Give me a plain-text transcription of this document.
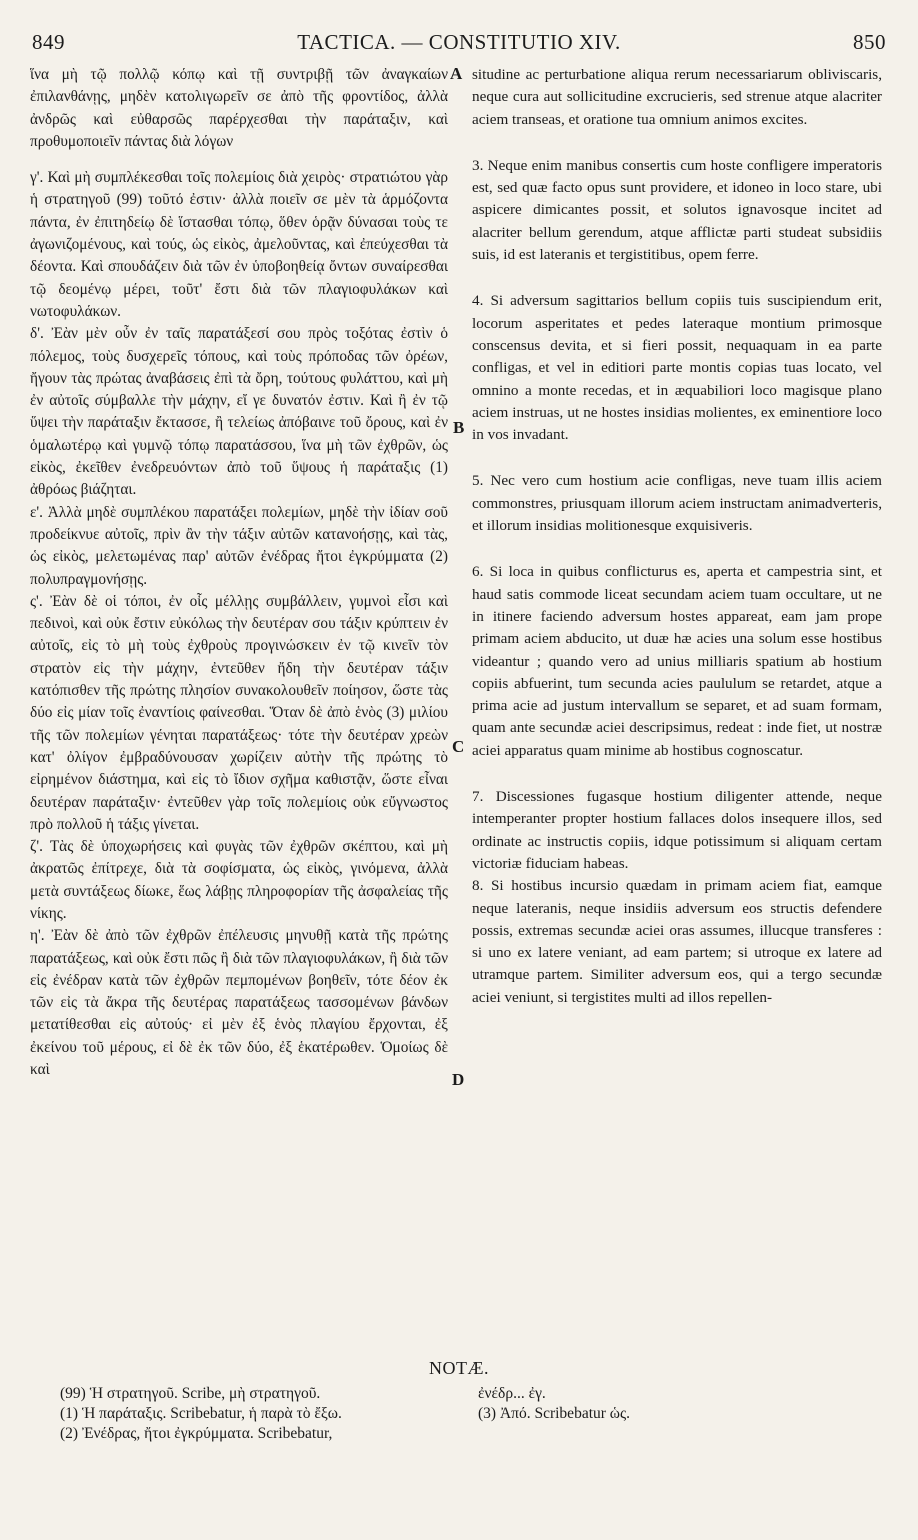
849	TACTICA. — CONSTITUTIO XIV.	850

ἵνα μὴ τῷ πολλῷ κόπῳ καὶ τῇ συντριβῇ τῶν ἀναγκαίων ἐπιλανθάνῃς, μηδὲν κατολιγωρεῖν σε ἀπὸ τῆς φροντίδος, ἀλλὰ ἀνδρῶς καὶ εὐθαρσῶς παρέρχεσθαι τὴν παράταξιν, καὶ προθυμοποιεῖν πάντας διὰ λόγων

γ'. Καὶ μὴ συμπλέκεσθαι τοῖς πολεμίοις διὰ χειρὸς· στρατιώτου γὰρ ἡ στρατηγοῦ (99) τοῦτό ἐστιν· ἀλλὰ ποιεῖν σε μὲν τὰ ἁρμόζοντα πάντα, ἐν ἐπιτηδείῳ δὲ ἵστασθαι τόπῳ, ὅθεν ὁρᾷν δύνασαι τοὺς τε ἀγωνιζομένους, καὶ τούς, ὡς εἰκὸς, ἀμελοῦντας, καὶ ἐπεύχεσθαι τὰ δέοντα. Καὶ σπουδάζειν διὰ τῶν ἐν ὑποβοηθείᾳ ὄντων συναίρεσθαι τῷ δεομένῳ μέρει, τοῦτ' ἔστι διὰ τῶν πλαγιοφυλάκων καὶ νωτοφυλάκων.

δ'. Ἐὰν μὲν οὖν ἐν ταῖς παρατάξεσί σου πρὸς τοξότας ἐστὶν ὁ πόλεμος, τοὺς δυσχερεῖς τόπους, καὶ τοὺς πρόποδας τῶν ὀρέων, ἤγουν τὰς πρώτας ἀναβάσεις ἐπὶ τὰ ὄρη, τούτους φυλάττου, καὶ μὴ ἐν αὐτοῖς σύμβαλλε τὴν μάχην, εἴ γε δυνατόν ἐστιν. Καὶ ἢ ἐν τῷ ὕψει τὴν παράταξιν ἔκτασσε, ἢ τελείως ἀπόβαινε τοῦ ὄρους, καὶ ἐν ὁμαλωτέρῳ καὶ γυμνῷ τόπῳ παρατάσσου, ἵνα μὴ τῶν ἐχθρῶν, ὡς εἰκὸς, ἐκεῖθεν ἐνεδρευόντων ἀπὸ τοῦ ὕψους ἡ παράταξις (1) ἀθρόως βιάζηται.

ε'. Ἀλλὰ μηδὲ συμπλέκου παρατάξει πολεμίων, μηδὲ τὴν ἰδίαν σοῦ προδείκνυε αὐτοῖς, πρὶν ἂν τὴν τάξιν αὐτῶν κατανοήσῃς, καὶ τὰς, ὡς εἰκὸς, μελετωμένας παρ' αὐτῶν ἐνέδρας ἤτοι ἐγκρύμματα (2) πολυπραγμονήσῃς.

ς'. Ἐὰν δὲ οἱ τόποι, ἐν οἷς μέλλῃς συμβάλλειν, γυμνοὶ εἶσι καὶ πεδινοὶ, καὶ οὐκ ἔστιν εὐκόλως τὴν δευτέραν σου τάξιν κρύπτειν ἐν αὐτοῖς, εἰς τὸ μὴ τοὺς ἐχθροὺς προγινώσκειν ἐν τῷ κινεῖν τὸν στρατὸν εἰς τὴν μάχην, ἐντεῦθεν ἤδη τὴν δευτέραν τάξιν κατόπισθεν τῆς πρώτης πλησίον συνακολουθεῖν ποίησον, ὥστε τὰς δύο εἰς μίαν τοῖς ἐναντίοις φαίνεσθαι. Ὅταν δὲ ἀπὸ ἑνὸς (3) μιλίου τῆς τῶν πολεμίων γένηται παρατάξεως· τότε τὴν δευτέραν χρεὼν κατ' ὀλίγον ἐμβραδύνουσαν χωρίζειν αὐτὴν τῆς πρώτης τὸ εἰρημένον διάστημα, καὶ εἰς τὸ ἴδιον σχῆμα καθιστᾷν, ὥστε εἶναι δευτέραν παράταξιν· ἐντεῦθεν γὰρ τοῖς πολεμίοις οὐκ εὔγνωστος πρὸ πολλοῦ ἡ τάξις γίνεται.

ζ'. Τὰς δὲ ὑποχωρήσεις καὶ φυγὰς τῶν ἐχθρῶν σκέπτου, καὶ μὴ ἀκρατῶς ἐπίτρεχε, διὰ τὰ σοφίσματα, ὡς εἰκὸς, γινόμενα, ἀλλὰ μετὰ συντάξεως δίωκε, ἕως λάβῃς πληροφορίαν τῆς ἀσφαλείας τῆς νίκης.

η'. Ἐὰν δὲ ἀπὸ τῶν ἐχθρῶν ἐπέλευσις μηνυθῇ κατὰ τῆς πρώτης παρατάξεως, καὶ οὐκ ἔστι πῶς ἢ διὰ τῶν πλαγιοφυλάκων, ἢ διὰ τῶν εἰς ἐνέδραν κατὰ τῶν ἐχθρῶν πεμπομένων βοηθεῖν, τότε δέον ἐκ τῶν εἰς τὰ ἄκρα τῆς δευτέρας παρατάξεως τασσομένων βάνδων μετατίθεσθαι εἰς αὐτούς· εἰ μὲν ἐξ ἑνὸς πλαγίου ἔρχονται, ἐξ ἐκείνου τοῦ μέρους, εἰ δὲ ἐκ τῶν δύο, ἐξ ἑκατέρωθεν. Ὁμοίως δὲ καὶ

A
B
C
D

situdine ac perturbatione aliqua rerum necessariarum obliviscaris, neque cura aut sollicitudine excrucieris, sed strenue atque alacriter aciem transeas, et oratione tua omnium animos excites.

3. Neque enim manibus consertis cum hoste confligere imperatoris est, sed quæ facto opus sunt providere, et idoneo in loco stare, ubi aspicere dimicantes possit, et solutos ignavosque incitet ad alacriter bellum gerendum, atque afflictæ parti studeat subsidiis suis, id est lateranis et tergistitibus, opem ferre.

4. Si adversum sagittarios bellum copiis tuis suscipiendum erit, locorum asperitates et pedes lateraque montium primosque conscensus devita, et si fieri possit, nequaquam in ea parte confligas, et vel in editiori parte montis copias tuas locato, vel omnino a monte recedas, et in æquabiliori loco magisque plano aciem instruas, ut ne hostes insidias molientes, ex eminentiore loco in vos invadant.

5. Nec vero cum hostium acie confligas, neve tuam illis aciem commonstres, priusquam illorum aciem instructam animadverteris, et illorum insidias molitionesque exquisiveris.

6. Si loca in quibus conflicturus es, aperta et campestria sint, et haud satis commode liceat secundam aciem tuam occultare, ut ne in itinere faciendo adversum hostes appareat, eam jam prope primam aciem abducito, ut duæ hæ acies una solum esse hostibus videantur ; quando vero ad unius milliaris spatium ab hostium copiis abfuerint, tum secunda acies paululum se retardet, atque a prima acie ad justum intervallum se separet, et ad suam formam, quam ante secundæ aciei descripsimus, redeat : inde fiet, ut nostræ aciei apparatus quam minime ab hostibus cognoscatur.

7. Discessiones fugasque hostium diligenter attende, neque intemperanter propter hostium fallaces dolos insequere illos, sed ordinate ac instructis copiis, idque potissimum si aliquam certam victoriæ fiduciam habeas.

8. Si hostibus incursio quædam in primam aciem fiat, eamque neque lateranis, neque insidiis adversum eos structis defendere possis, extremas secundæ aciei oras assumes, illucque transferes : si uno ex latere veniant, ad eam partem; si utroque ex latere ad utramque partem. Similiter adversum eos, qui a tergo secundæ aciei veniunt, si tergistites multi ad illos repellen-

NOTÆ.

(99) Ἡ στρατηγοῦ. Scribe, μὴ στρατηγοῦ.

(1) Ἡ παράταξις. Scribebatur, ἡ παρὰ τὸ ἔξω.

(2) Ἐνέδρας, ἤτοι ἐγκρύμματα. Scribebatur,

ἐνέδρ... ἐγ.

(3) Ἀπό. Scribebatur ὡς.
